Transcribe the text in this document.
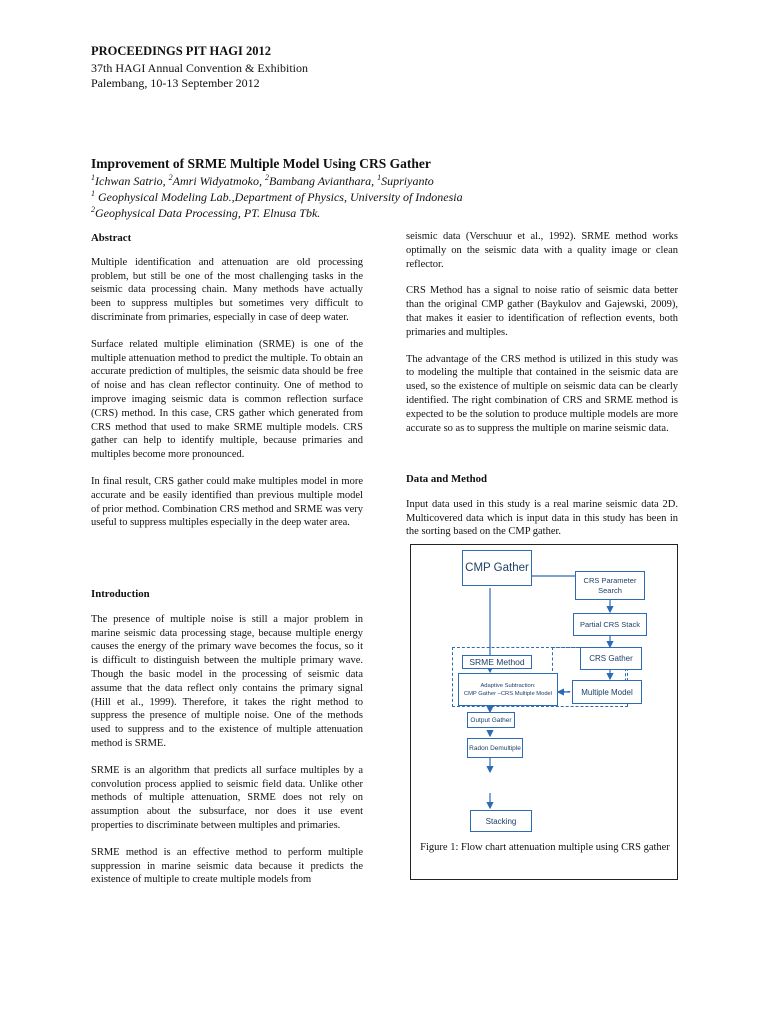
PROCEEDINGS PIT HAGI 2012
37th HAGI Annual Convention & Exhibition
Palembang, 10-13 September 2012
Improvement of SRME Multiple Model Using CRS Gather
$^1$Ichwan Satrio, $^2$Amri Widyatmoko, $^2$Bambang Avianthara, $^1$Supriyanto
$^1$ Geophysical Modeling Lab.,Department of Physics, University of Indonesia
$^2$Geophysical Data Processing, PT. Elnusa Tbk.
Abstract

Multiple identification and attenuation are old processing problem, but still be one of the most challenging tasks in the seismic data processing chain. Many methods have actually been to suppress multiples but sometimes very difficult to discriminate from primaries, especially in case of deep water.

Surface related multiple elimination (SRME) is one of the multiple attenuation method to predict the multiple. To obtain an accurate prediction of multiples, the seismic data should be free of noise and has clean reflector continuity. One of method to improve imaging seismic data is common reflection surface (CRS) method. In this case, CRS gather which generated from CRS method that used to make SRME multiple models. CRS gather can help to identify multiple, because primaries and multiples become more pronounced.

In final result, CRS gather could make multiples model in more accurate and be easily identified than previous multiple model of prior method. Combination CRS method and SRME was very useful to suppress multiples especially in the deep water area.

Introduction

The presence of multiple noise is still a major problem in marine seismic data processing stage, because multiple energy causes the energy of the primary wave becomes the focus, so it is difficult to distinguish between the multiple primary wave. Though the basic model in the processing of seismic data assume that the data reflect only contains the primary signal (Hill et al., 1999). Therefore, it takes the right method to suppress the presence of multiple noise. One of the methods used to suppress and to the existence of multiple attenuation method is SRME.

SRME is an algorithm that predicts all surface multiples by a convolution process applied to seismic field data. Unlike other methods of multiple attenuation, SRME does not rely on assumption about the subsurface, nor does it use event properties to discriminate between multiples and primaries.

SRME method is an effective method to perform multiple suppression in marine seismic data because it predicts the existence of multiple to create multiple models from

seismic data (Verschuur et al., 1992). SRME method works optimally on the seismic data with a quality image or clean reflector.

CRS Method has a signal to noise ratio of seismic data better than the original CMP gather (Baykulov and Gajewski, 2009), that makes it easier to identification of reflection events, both primaries and multiples.

The advantage of the CRS method is utilized in this study was to modeling the multiple that contained in the seismic data are used, so the existence of multiple on seismic data can be clearly identified. The right combination of CRS and SRME method is expected to be the solution to produce multiple models are more accurate so as to suppress the multiple on marine seismic data.

Data and Method

Input data used in this study is a real marine seismic data 2D. Multicovered data which is input data in this study has been in the sorting based on the CMP gather.

CMP Gather
CRS Parameter Search
Partial CRS Stack
SRME Method	CRS Gather
Adaptive Subtraction:
CMP Gather –CRS Multiple Model	Multiple Model
Output Gather
Radon Demultiple
Stacking
Figure 1: Flow chart attenuation multiple using CRS gather
